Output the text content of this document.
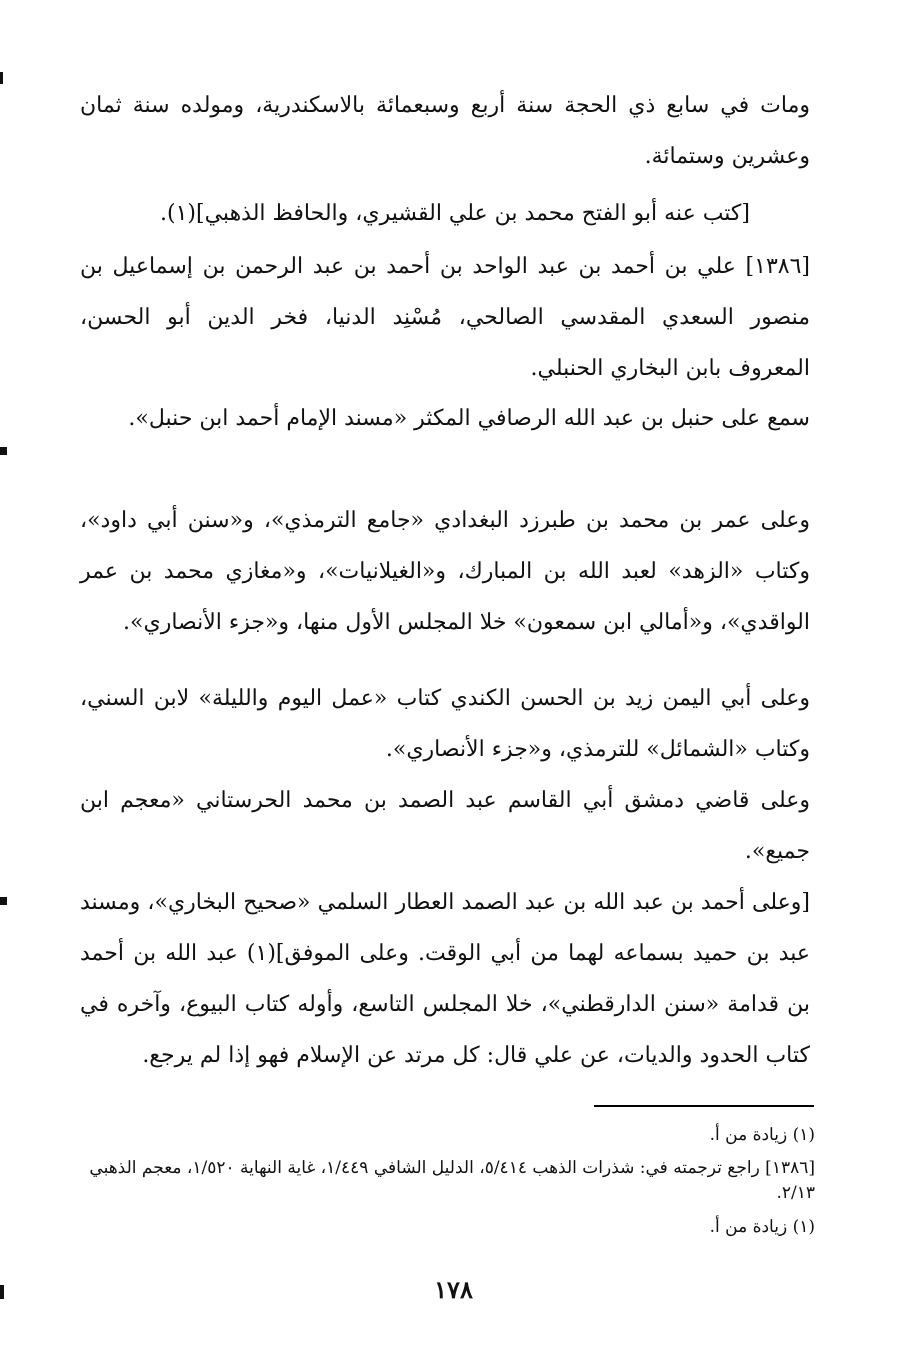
ومات في سابع ذي الحجة سنة أربع وسبعمائة بالاسكندرية، ومولده سنة ثمان وعشرين وستمائة.
[كتب عنه أبو الفتح محمد بن علي القشيري، والحافظ الذهبي](١).
[١٣٨٦] علي بن أحمد بن عبد الواحد بن أحمد بن عبد الرحمن بن إسماعيل بن منصور السعدي المقدسي الصالحي، مُسْنِد الدنيا، فخر الدين أبو الحسن، المعروف بابن البخاري الحنبلي.
سمع على حنبل بن عبد الله الرصافي المكثر «مسند الإمام أحمد ابن حنبل».
وعلى عمر بن محمد بن طبرزد البغدادي «جامع الترمذي»، و«سنن أبي داود»، وكتاب «الزهد» لعبد الله بن المبارك، و«الغيلانيات»، و«مغازي محمد بن عمر الواقدي»، و«أمالي ابن سمعون» خلا المجلس الأول منها، و«جزء الأنصاري».
وعلى أبي اليمن زيد بن الحسن الكندي كتاب «عمل اليوم والليلة» لابن السني، وكتاب «الشمائل» للترمذي، و«جزء الأنصاري».
وعلى قاضي دمشق أبي القاسم عبد الصمد بن محمد الحرستاني «معجم ابن جميع».
[وعلى أحمد بن عبد الله بن عبد الصمد العطار السلمي «صحيح البخاري»، ومسند عبد بن حميد بسماعه لهما من أبي الوقت. وعلى الموفق](١) عبد الله بن أحمد بن قدامة «سنن الدارقطني»، خلا المجلس التاسع، وأوله كتاب البيوع، وآخره في كتاب الحدود والديات، عن علي قال: كل مرتد عن الإسلام فهو إذا لم يرجع.
(١) زيادة من أ.
[١٣٨٦] راجع ترجمته في: شذرات الذهب ٥/٤١٤، الدليل الشافي ١/٤٤٩، غاية النهاية ١/٥٢٠، معجم الذهبي ٢/١٣.
(١) زيادة من أ.
١٧٨
